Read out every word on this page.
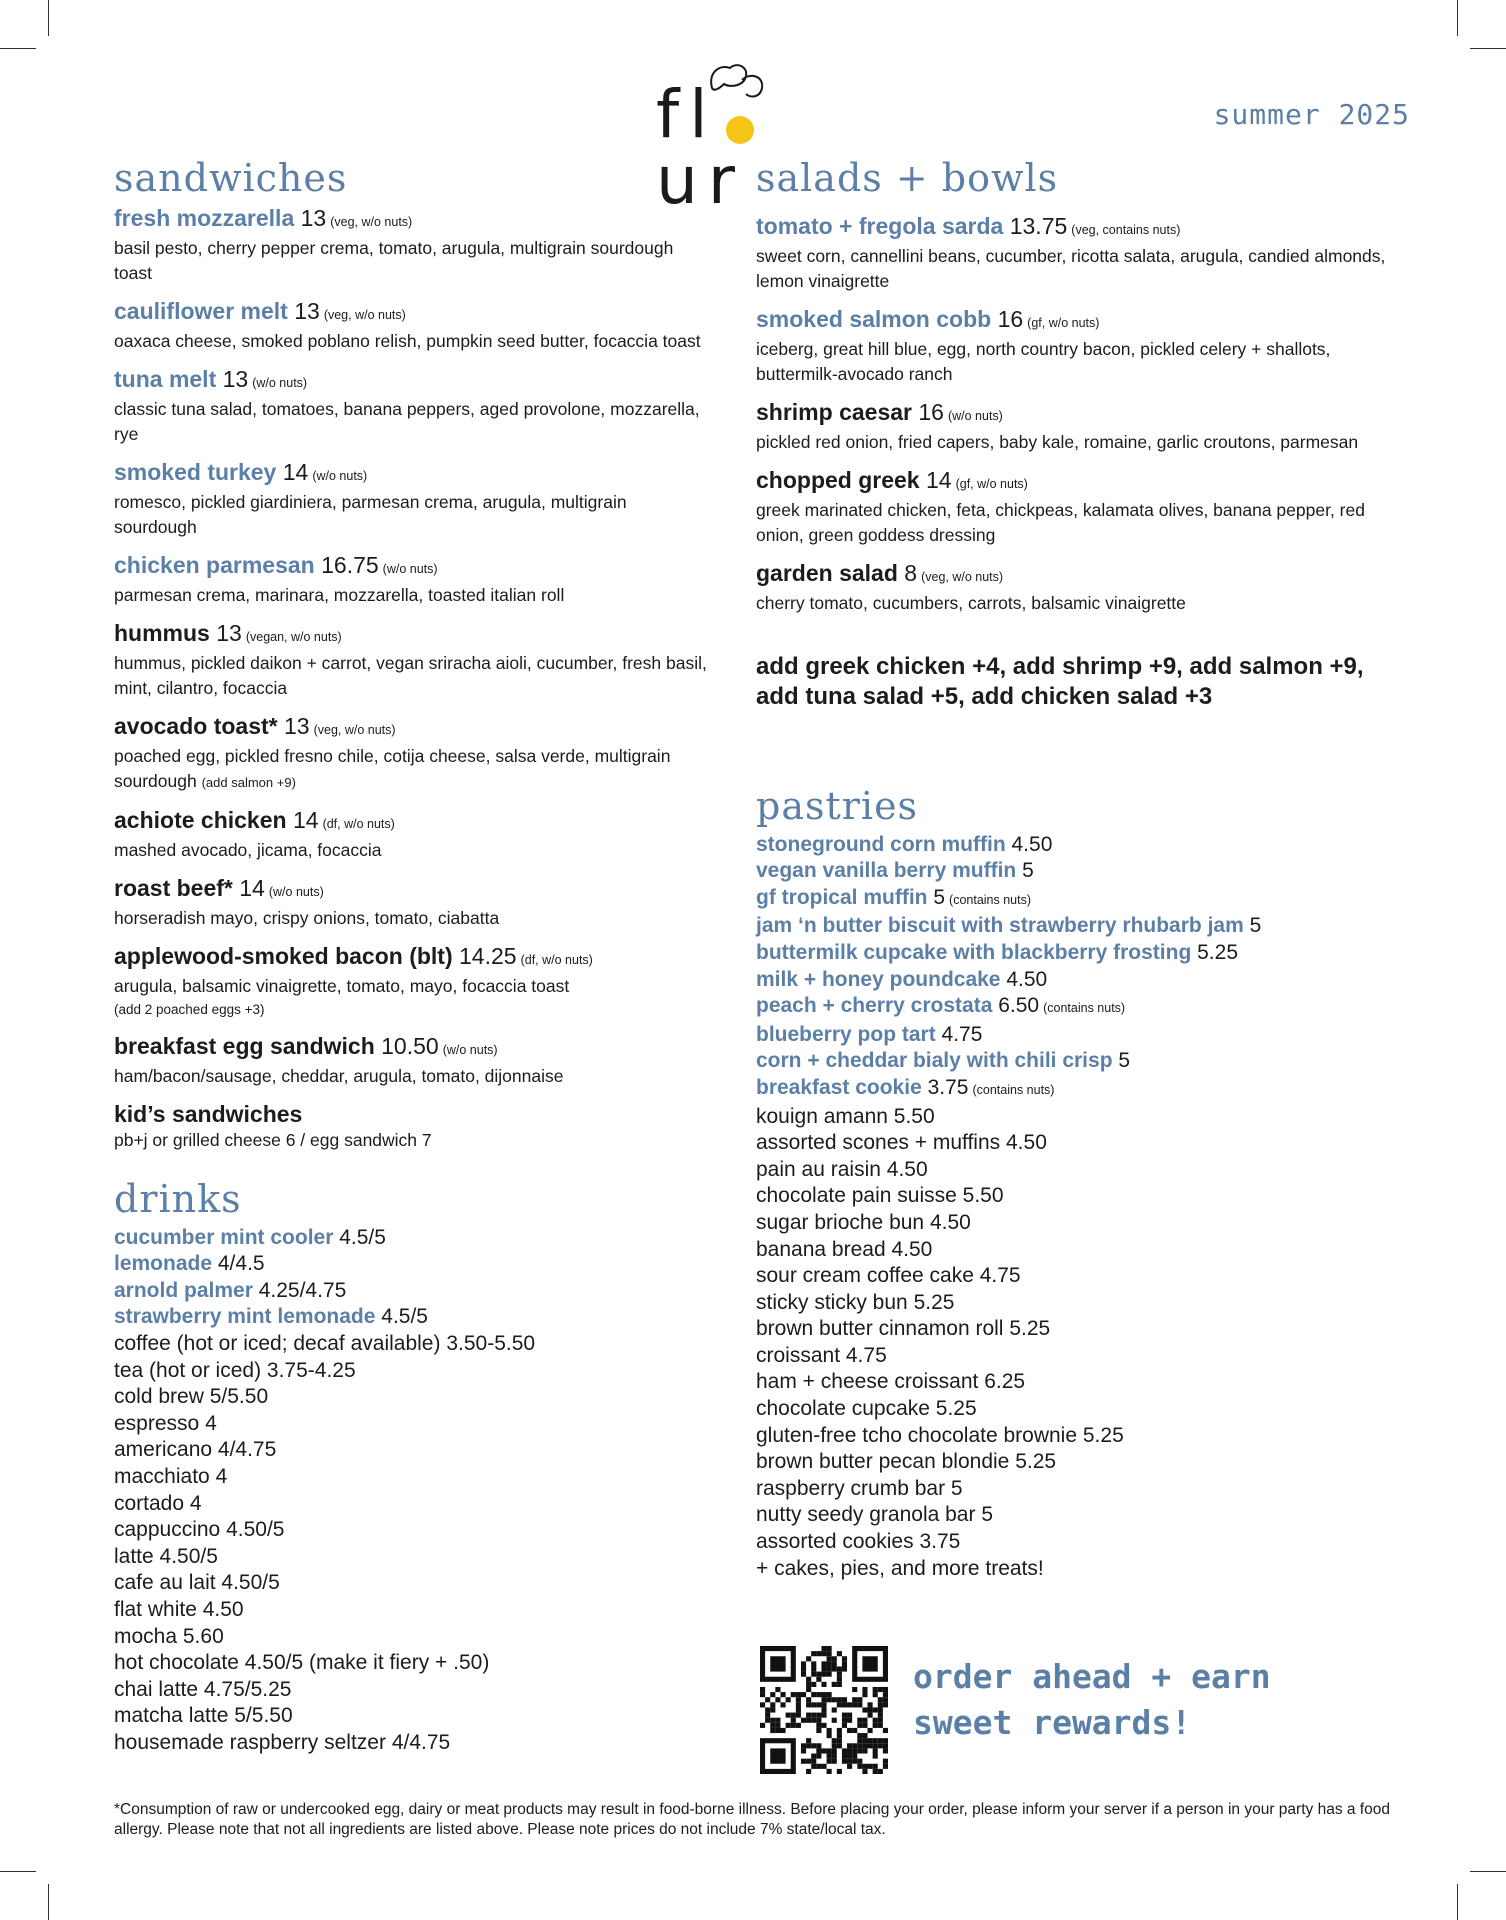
flur
summer 2025
sandwiches
fresh mozzarella 13 (veg, w/o nuts)
basil pesto, cherry pepper crema, tomato, arugula, multigrain sourdough toast
cauliflower melt 13 (veg, w/o nuts)
oaxaca cheese, smoked poblano relish, pumpkin seed butter, focaccia toast
tuna melt 13 (w/o nuts)
classic tuna salad, tomatoes, banana peppers, aged provolone, mozzarella, rye
smoked turkey 14 (w/o nuts)
romesco, pickled giardiniera, parmesan crema, arugula, multigrain sourdough
chicken parmesan 16.75 (w/o nuts)
parmesan crema, marinara, mozzarella, toasted italian roll
hummus 13 (vegan, w/o nuts)
hummus, pickled daikon + carrot, vegan sriracha aioli, cucumber, fresh basil, mint, cilantro, focaccia
avocado toast* 13 (veg, w/o nuts)
poached egg, pickled fresno chile, cotija cheese, salsa verde, multigrain sourdough (add salmon +9)
achiote chicken 14 (df, w/o nuts)
mashed avocado, jicama, focaccia
roast beef* 14 (w/o nuts)
horseradish mayo, crispy onions, tomato, ciabatta
applewood-smoked bacon (blt) 14.25 (df, w/o nuts)
arugula, balsamic vinaigrette, tomato, mayo, focaccia toast
(add 2 poached eggs +3)
breakfast egg sandwich 10.50 (w/o nuts)
ham/bacon/sausage, cheddar, arugula, tomato, dijonnaise
kid’s sandwiches
pb+j or grilled cheese 6 / egg sandwich 7
drinks
cucumber mint cooler 4.5/5
lemonade 4/4.5
arnold palmer 4.25/4.75
strawberry mint lemonade 4.5/5
coffee (hot or iced; decaf available) 3.50-5.50
tea (hot or iced) 3.75-4.25
cold brew 5/5.50
espresso 4
americano 4/4.75
macchiato 4
cortado 4
cappuccino 4.50/5
latte 4.50/5
cafe au lait 4.50/5
flat white 4.50
mocha 5.60
hot chocolate 4.50/5 (make it fiery + .50)
chai latte 4.75/5.25
matcha latte 5/5.50
housemade raspberry seltzer 4/4.75
salads + bowls
tomato + fregola sarda 13.75 (veg, contains nuts)
sweet corn, cannellini beans, cucumber, ricotta salata, arugula, candied almonds, lemon vinaigrette
smoked salmon cobb 16 (gf, w/o nuts)
iceberg, great hill blue, egg, north country bacon, pickled celery + shallots, buttermilk-avocado ranch
shrimp caesar 16 (w/o nuts)
pickled red onion, fried capers, baby kale, romaine, garlic croutons, parmesan
chopped greek 14 (gf, w/o nuts)
greek marinated chicken, feta, chickpeas, kalamata olives, banana pepper, red onion, green goddess dressing
garden salad 8 (veg, w/o nuts)
cherry tomato, cucumbers, carrots, balsamic vinaigrette
add greek chicken +4, add shrimp +9, add salmon +9, add tuna salad +5, add chicken salad +3
pastries
stoneground corn muffin 4.50
vegan vanilla berry muffin 5
gf tropical muffin 5 (contains nuts)
jam ‘n butter biscuit with strawberry rhubarb jam 5
buttermilk cupcake with blackberry frosting 5.25
milk + honey poundcake 4.50
peach + cherry crostata 6.50 (contains nuts)
blueberry pop tart 4.75
corn + cheddar bialy with chili crisp 5
breakfast cookie 3.75 (contains nuts)
kouign amann 5.50
assorted scones + muffins 4.50
pain au raisin 4.50
chocolate pain suisse 5.50
sugar brioche bun 4.50
banana bread 4.50
sour cream coffee cake 4.75
sticky sticky bun 5.25
brown butter cinnamon roll 5.25
croissant 4.75
ham + cheese croissant 6.25
chocolate cupcake 5.25
gluten-free tcho chocolate brownie 5.25
brown butter pecan blondie 5.25
raspberry crumb bar 5
nutty seedy granola bar 5
assorted cookies 3.75
+ cakes, pies, and more treats!
order ahead + earn
sweet rewards!
*Consumption of raw or undercooked egg, dairy or meat products may result in food-borne illness. Before placing your order, please inform your server if a person in your party has a food allergy. Please note that not all ingredients are listed above. Please note prices do not include 7% state/local tax.
